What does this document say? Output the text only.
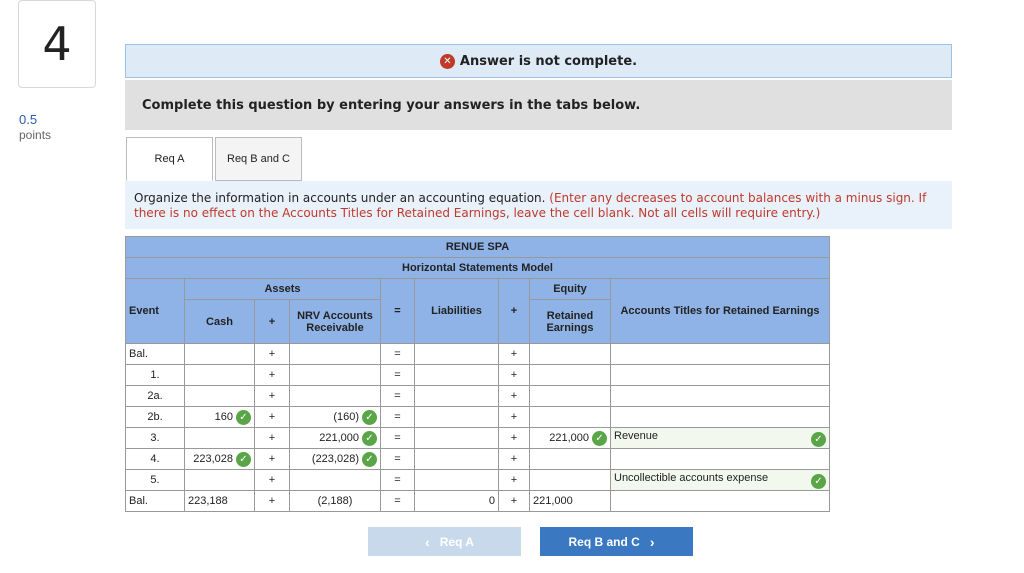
4
0.5
points
✕ Answer is not complete.
Complete this question by entering your answers in the tabs below.
Req A	Req B and C
Organize the information in accounts under an accounting equation. (Enter any decreases to account balances with a minus sign. If there is no effect on the Accounts Titles for Retained Earnings, leave the cell blank. Not all cells will require entry.)
RENUE SPA								
Horizontal Statements Model								
Event	Assets			=	Liabilities	+	Equity	Accounts Titles for Retained Earnings
	Cash	+	NRV Accounts Receivable				Retained Earnings	
Bal.		+		=		+		
1.		+		=		+		
2a.		+		=		+		
2b.	160 ✓	+	(160) ✓	=		+		
3.		+	221,000 ✓	=		+	221,000 ✓	Revenue ✓

4.	223,028 ✓	+	(223,028) ✓	=		+		
5.		+		=		+		Uncollectible accounts expense ✓

Bal.	223,188	+	(2,188)	=	0	+	221,000	
‹ Req A	Req B and C ›
